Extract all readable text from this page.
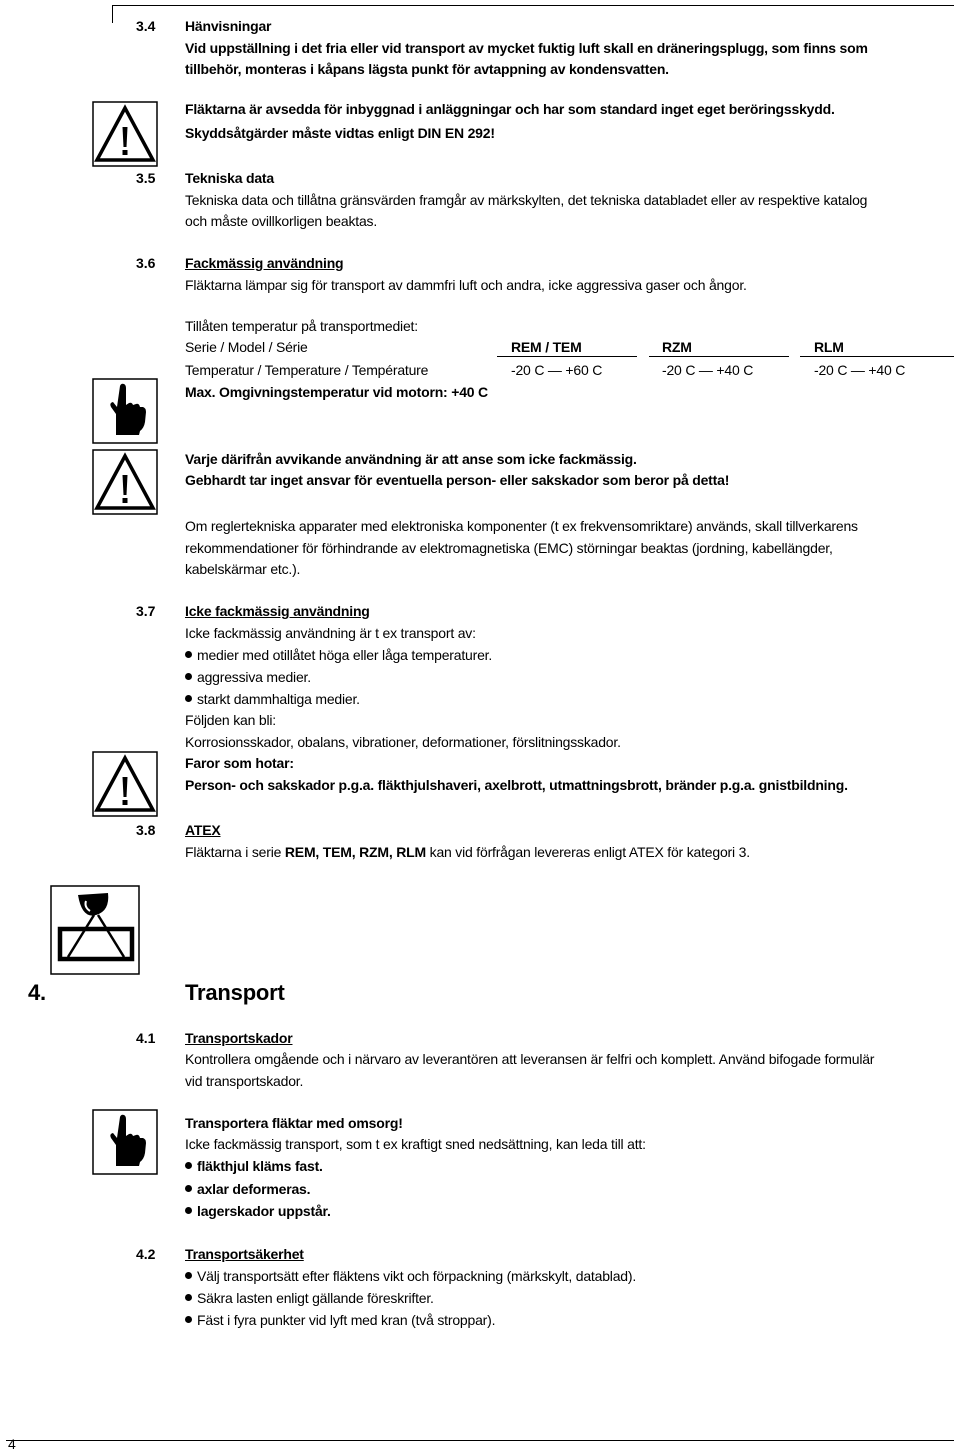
3.4 Hänvisningar
Vid uppställning i det fria eller vid transport av mycket fuktig luft skall en dräneringsplugg, som finns som
tillbehör, monteras i kåpans lägsta punkt för avtappning av kondensvatten.
Fläktarna är avsedda för inbyggnad i anläggningar och har som standard inget eget beröringsskydd.
Skyddsåtgärder måste vidtas enligt DIN EN 292!
3.5 Tekniska data
Tekniska data och tillåtna gränsvärden framgår av märkskylten, det tekniska databladet eller av respektive katalog
och måste ovillkorligen beaktas.
3.6 Fackmässig användning
Fläktarna lämpar sig för transport av dammfri luft och andra, icke aggressiva gaser och ångor.
Tillåten temperatur på transportmediet:
Serie / Model / Série	REM / TEM	RZM	RLM
Temperatur / Temperature / Température	-20 C — +60 C	-20 C — +40 C	-20 C — +40 C
Max. Omgivningstemperatur vid motorn: +40 C
Varje därifrån avvikande användning är att anse som icke fackmässig.
Gebhardt tar inget ansvar för eventuella person- eller sakskador som beror på detta!
Om reglertekniska apparater med elektroniska komponenter (t ex frekvensomriktare) används, skall tillverkarens
rekommendationer för förhindrande av elektromagnetiska (EMC) störningar beaktas (jordning, kabellängder,
kabelskärmar etc.).
3.7 Icke fackmässig användning
Icke fackmässig användning är t ex transport av:
medier med otillåtet höga eller låga temperaturer.
aggressiva medier.
starkt dammhaltiga medier.
Följden kan bli:
Korrosionsskador, obalans, vibrationer, deformationer, förslitningsskador.
Faror som hotar:
Person- och sakskador p.g.a. fläkthjulshaveri, axelbrott, utmattningsbrott, bränder p.g.a. gnistbildning.
3.8 ATEX
Fläktarna i serie REM, TEM, RZM, RLM kan vid förfrågan levereras enligt ATEX för kategori 3.
4.	Transport
4.1 Transportskador
Kontrollera omgående och i närvaro av leverantören att leveransen är felfri och komplett. Använd bifogade formulär
vid transportskador.
Transportera fläktar med omsorg!
Icke fackmässig transport, som t ex kraftigt sned nedsättning, kan leda till att:
fläkthjul kläms fast.
axlar deformeras.
lagerskador uppstår.
4.2 Transportsäkerhet
Välj transportsätt efter fläktens vikt och förpackning (märkskylt, datablad).
Säkra lasten enligt gällande föreskrifter.
Fäst i fyra punkter vid lyft med kran (två stroppar).
4
